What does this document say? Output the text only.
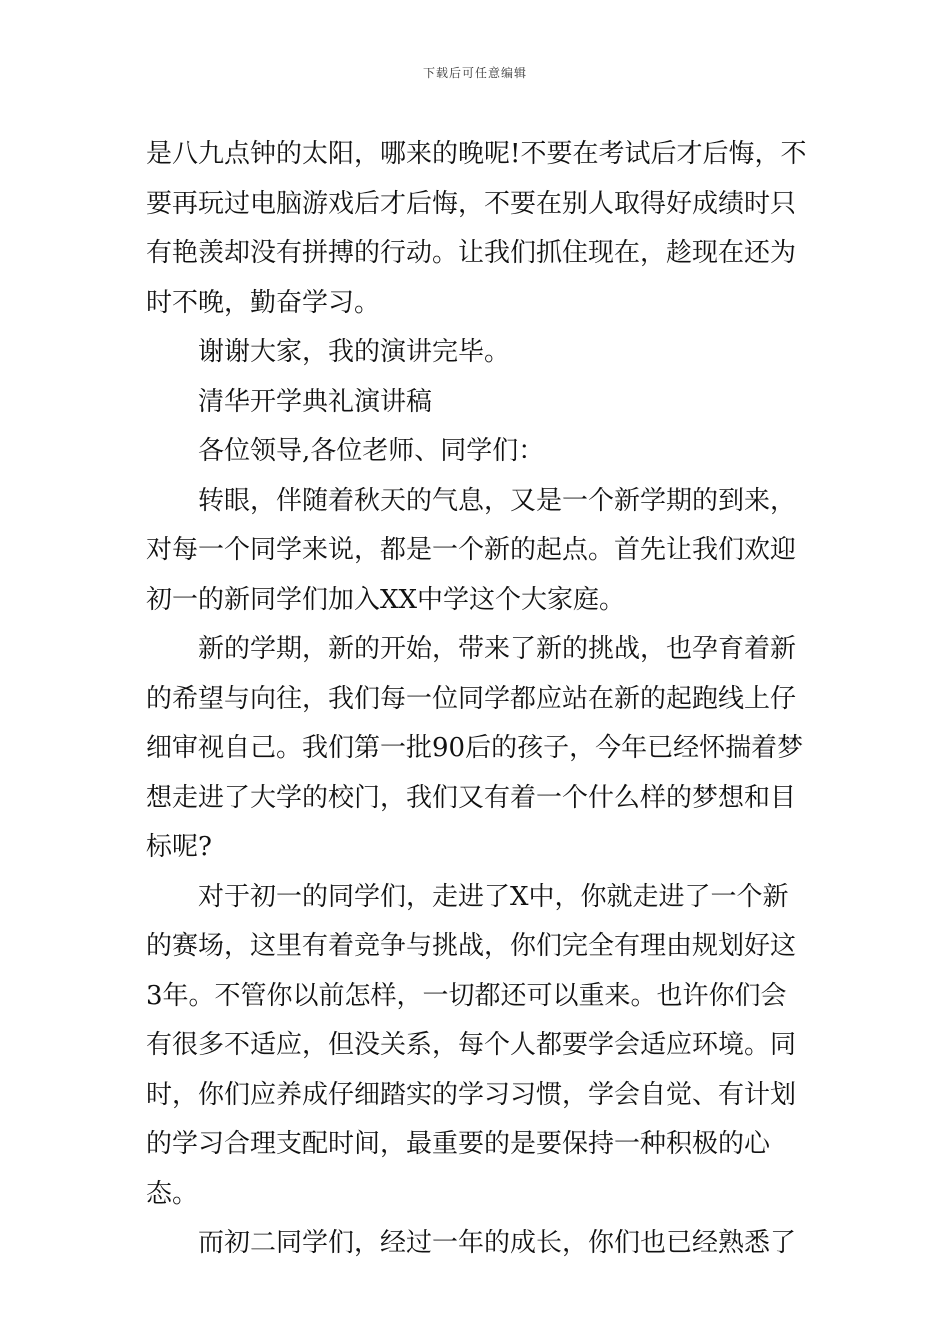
下载后可任意编辑

是八九点钟的太阳，哪来的晚呢!不要在考试后才后悔，不要再玩过电脑游戏后才后悔，不要在别人取得好成绩时只有艳羡却没有拼搏的行动。让我们抓住现在，趁现在还为时不晚，勤奋学习。

谢谢大家，我的演讲完毕。

清华开学典礼演讲稿

各位领导,各位老师、同学们：

转眼，伴随着秋天的气息，又是一个新学期的到来，对每一个同学来说，都是一个新的起点。首先让我们欢迎初一的新同学们加入XX中学这个大家庭。

新的学期，新的开始，带来了新的挑战，也孕育着新的希望与向往，我们每一位同学都应站在新的起跑线上仔细审视自己。我们第一批90后的孩子，今年已经怀揣着梦想走进了大学的校门，我们又有着一个什么样的梦想和目标呢?

对于初一的同学们，走进了X中，你就走进了一个新的赛场，这里有着竞争与挑战，你们完全有理由规划好这3年。不管你以前怎样，一切都还可以重来。也许你们会有很多不适应，但没关系，每个人都要学会适应环境。同时，你们应养成仔细踏实的学习习惯，学会自觉、有计划的学习合理支配时间，最重要的是要保持一种积极的心态。

而初二同学们，经过一年的成长，你们也已经熟悉了
